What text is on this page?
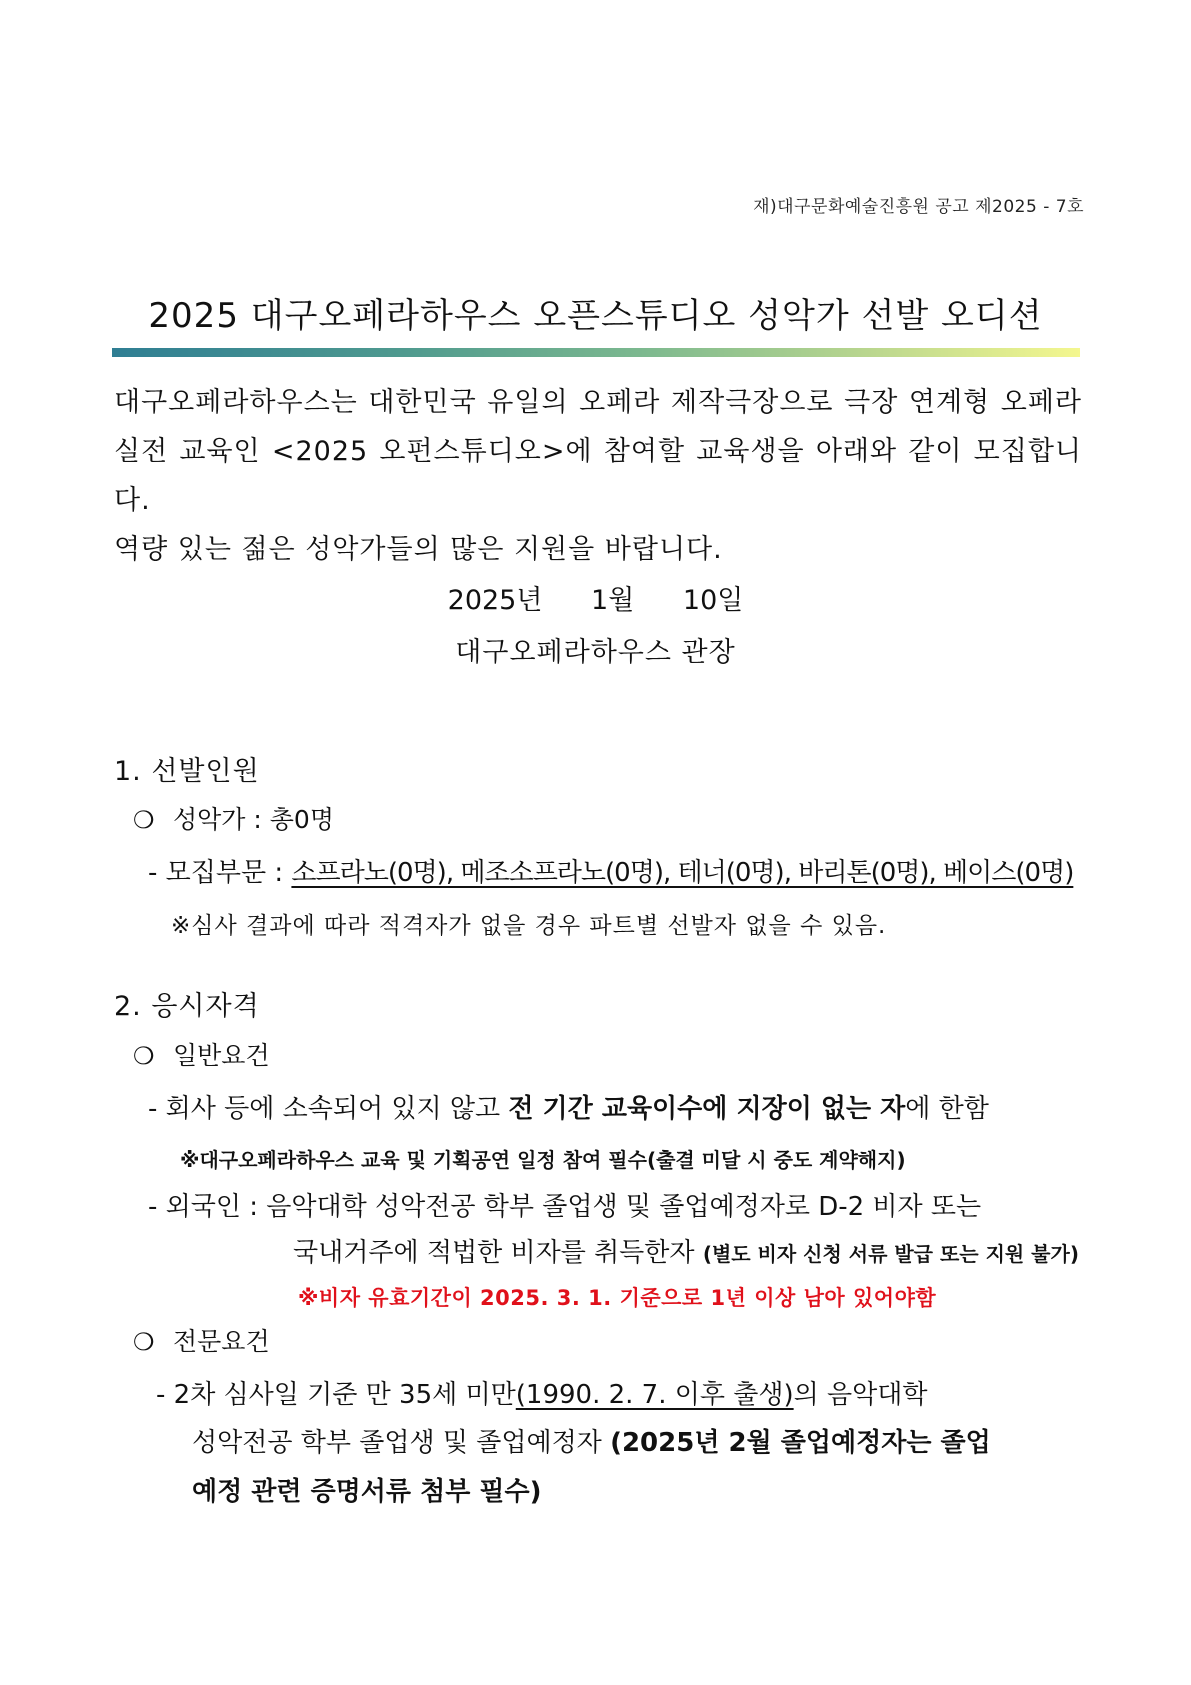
재)대구문화예술진흥원 공고 제2025 - 7호
2025 대구오페라하우스 오픈스튜디오 성악가 선발 오디션
대구오페라하우스는 대한민국 유일의 오페라 제작극장으로 극장 연계형 오페라
실전 교육인 <2025 오펀스튜디오>에 참여할 교육생을 아래와 같이 모집합니다.
역량 있는 젊은 성악가들의 많은 지원을 바랍니다.
2025년 1월 10일
대구오페라하우스 관장
1. 선발인원
❍ 성악가 : 총0명
- 모집부문 : 소프라노(0명), 메조소프라노(0명), 테너(0명), 바리톤(0명), 베이스(0명)
※심사 결과에 따라 적격자가 없을 경우 파트별 선발자 없을 수 있음.
2. 응시자격
❍ 일반요건
- 회사 등에 소속되어 있지 않고 전 기간 교육이수에 지장이 없는 자에 한함
※대구오페라하우스 교육 및 기획공연 일정 참여 필수(출결 미달 시 중도 계약해지)
- 외국인 : 음악대학 성악전공 학부 졸업생 및 졸업예정자로 D-2 비자 또는
국내거주에 적법한 비자를 취득한자 (별도 비자 신청 서류 발급 또는 지원 불가)
※비자 유효기간이 2025. 3. 1. 기준으로 1년 이상 남아 있어야함
❍ 전문요건
- 2차 심사일 기준 만 35세 미만(1990. 2. 7. 이후 출생)의 음악대학
성악전공 학부 졸업생 및 졸업예정자 (2025년 2월 졸업예정자는 졸업
예정 관련 증명서류 첨부 필수)
